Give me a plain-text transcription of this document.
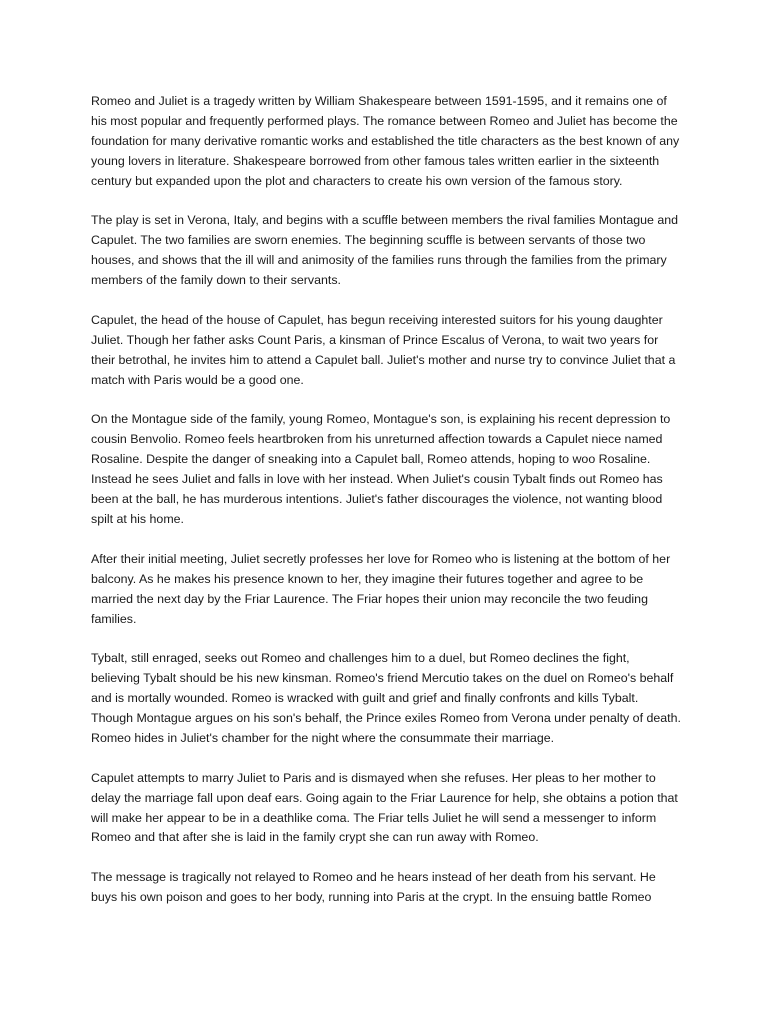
Romeo and Juliet is a tragedy written by William Shakespeare between 1591-1595, and it remains one of his most popular and frequently performed plays. The romance between Romeo and Juliet has become the foundation for many derivative romantic works and established the title characters as the best known of any young lovers in literature. Shakespeare borrowed from other famous tales written earlier in the sixteenth century but expanded upon the plot and characters to create his own version of the famous story.

The play is set in Verona, Italy, and begins with a scuffle between members the rival families Montague and Capulet. The two families are sworn enemies. The beginning scuffle is between servants of those two houses, and shows that the ill will and animosity of the families runs through the families from the primary members of the family down to their servants.

Capulet, the head of the house of Capulet, has begun receiving interested suitors for his young daughter Juliet. Though her father asks Count Paris, a kinsman of Prince Escalus of Verona, to wait two years for their betrothal, he invites him to attend a Capulet ball. Juliet's mother and nurse try to convince Juliet that a match with Paris would be a good one.

On the Montague side of the family, young Romeo, Montague's son, is explaining his recent depression to cousin Benvolio. Romeo feels heartbroken from his unreturned affection towards a Capulet niece named Rosaline. Despite the danger of sneaking into a Capulet ball, Romeo attends, hoping to woo Rosaline. Instead he sees Juliet and falls in love with her instead. When Juliet's cousin Tybalt finds out Romeo has been at the ball, he has murderous intentions. Juliet's father discourages the violence, not wanting blood spilt at his home.

After their initial meeting, Juliet secretly professes her love for Romeo who is listening at the bottom of her balcony. As he makes his presence known to her, they imagine their futures together and agree to be married the next day by the Friar Laurence. The Friar hopes their union may reconcile the two feuding families.

Tybalt, still enraged, seeks out Romeo and challenges him to a duel, but Romeo declines the fight, believing Tybalt should be his new kinsman. Romeo's friend Mercutio takes on the duel on Romeo's behalf and is mortally wounded. Romeo is wracked with guilt and grief and finally confronts and kills Tybalt. Though Montague argues on his son's behalf, the Prince exiles Romeo from Verona under penalty of death. Romeo hides in Juliet's chamber for the night where the consummate their marriage.

Capulet attempts to marry Juliet to Paris and is dismayed when she refuses. Her pleas to her mother to delay the marriage fall upon deaf ears. Going again to the Friar Laurence for help, she obtains a potion that will make her appear to be in a deathlike coma. The Friar tells Juliet he will send a messenger to inform Romeo and that after she is laid in the family crypt she can run away with Romeo.

The message is tragically not relayed to Romeo and he hears instead of her death from his servant. He buys his own poison and goes to her body, running into Paris at the crypt. In the ensuing battle Romeo
